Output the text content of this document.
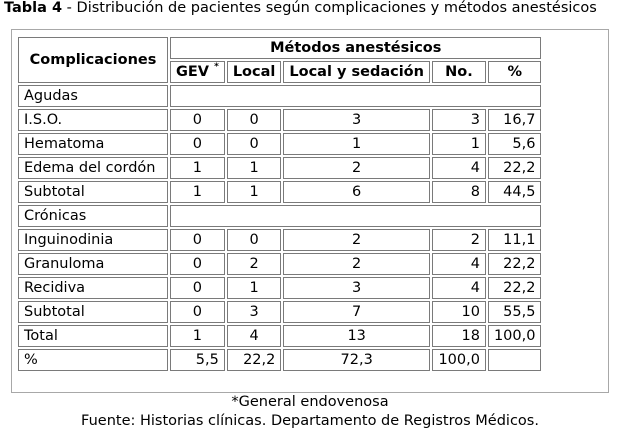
Tabla 4 - Distribución de pacientes según complicaciones y métodos anestésicos
Complicaciones	Métodos anestésicos				
	GEV *	Local	Local y sedación	No.	%
Agudas					
I.S.O.	0	0	3	3	16,7
Hematoma	0	0	1	1	5,6
Edema del cordón	1	1	2	4	22,2
Subtotal	1	1	6	8	44,5
Crónicas					
Inguinodinia	0	0	2	2	11,1
Granuloma	0	2	2	4	22,2
Recidiva	0	1	3	4	22,2
Subtotal	0	3	7	10	55,5
Total	1	4	13	18	100,0
%	5,5	22,2	72,3	100,0	
*General endovenosa
Fuente: Historias clínicas. Departamento de Registros Médicos.
